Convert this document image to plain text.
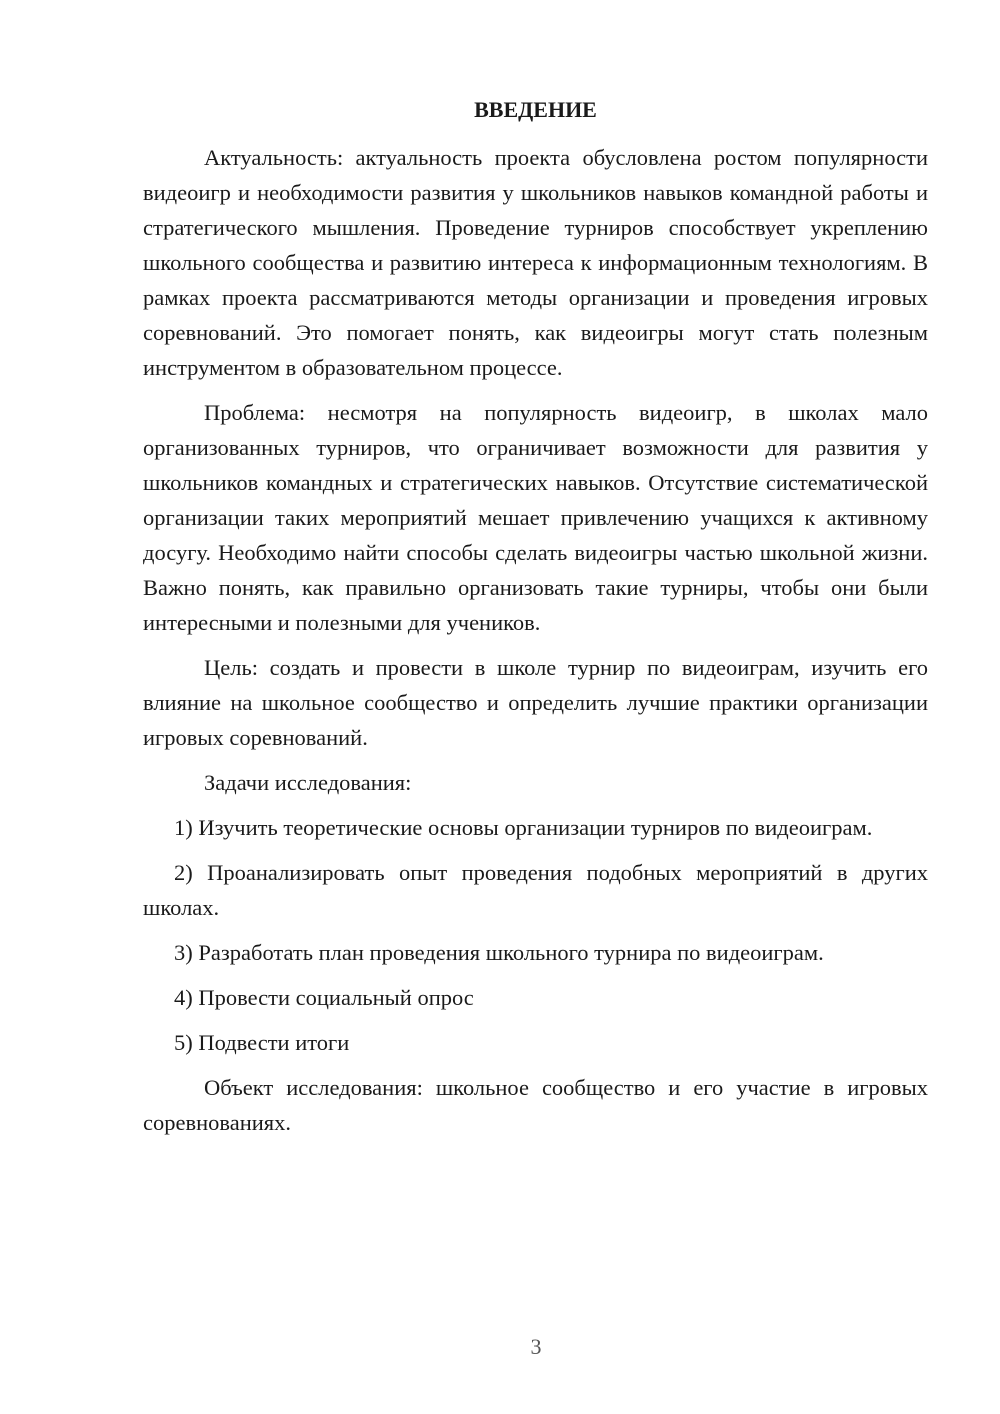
ВВЕДЕНИЕ

Актуальность: актуальность проекта обусловлена ростом популярности видеоигр и необходимости развития у школьников навыков командной работы и стратегического мышления. Проведение турниров способствует укреплению школьного сообщества и развитию интереса к информационным технологиям. В рамках проекта рассматриваются методы организации и проведения игровых соревнований. Это помогает понять, как видеоигры могут стать полезным инструментом в образовательном процессе.

Проблема: несмотря на популярность видеоигр, в школах мало организованных турниров, что ограничивает возможности для развития у школьников командных и стратегических навыков. Отсутствие систематической организации таких мероприятий мешает привлечению учащихся к активному досугу. Необходимо найти способы сделать видеоигры частью школьной жизни. Важно понять, как правильно организовать такие турниры, чтобы они были интересными и полезными для учеников.

Цель: создать и провести в школе турнир по видеоиграм, изучить его влияние на школьное сообщество и определить лучшие практики организации игровых соревнований.

Задачи исследования:

1) Изучить теоретические основы организации турниров по видеоиграм.

2) Проанализировать опыт проведения подобных мероприятий в других школах.

3) Разработать план проведения школьного турнира по видеоиграм.

4) Провести социальный опрос

5) Подвести итоги

Объект исследования: школьное сообщество и его участие в игровых соревнованиях.

3
